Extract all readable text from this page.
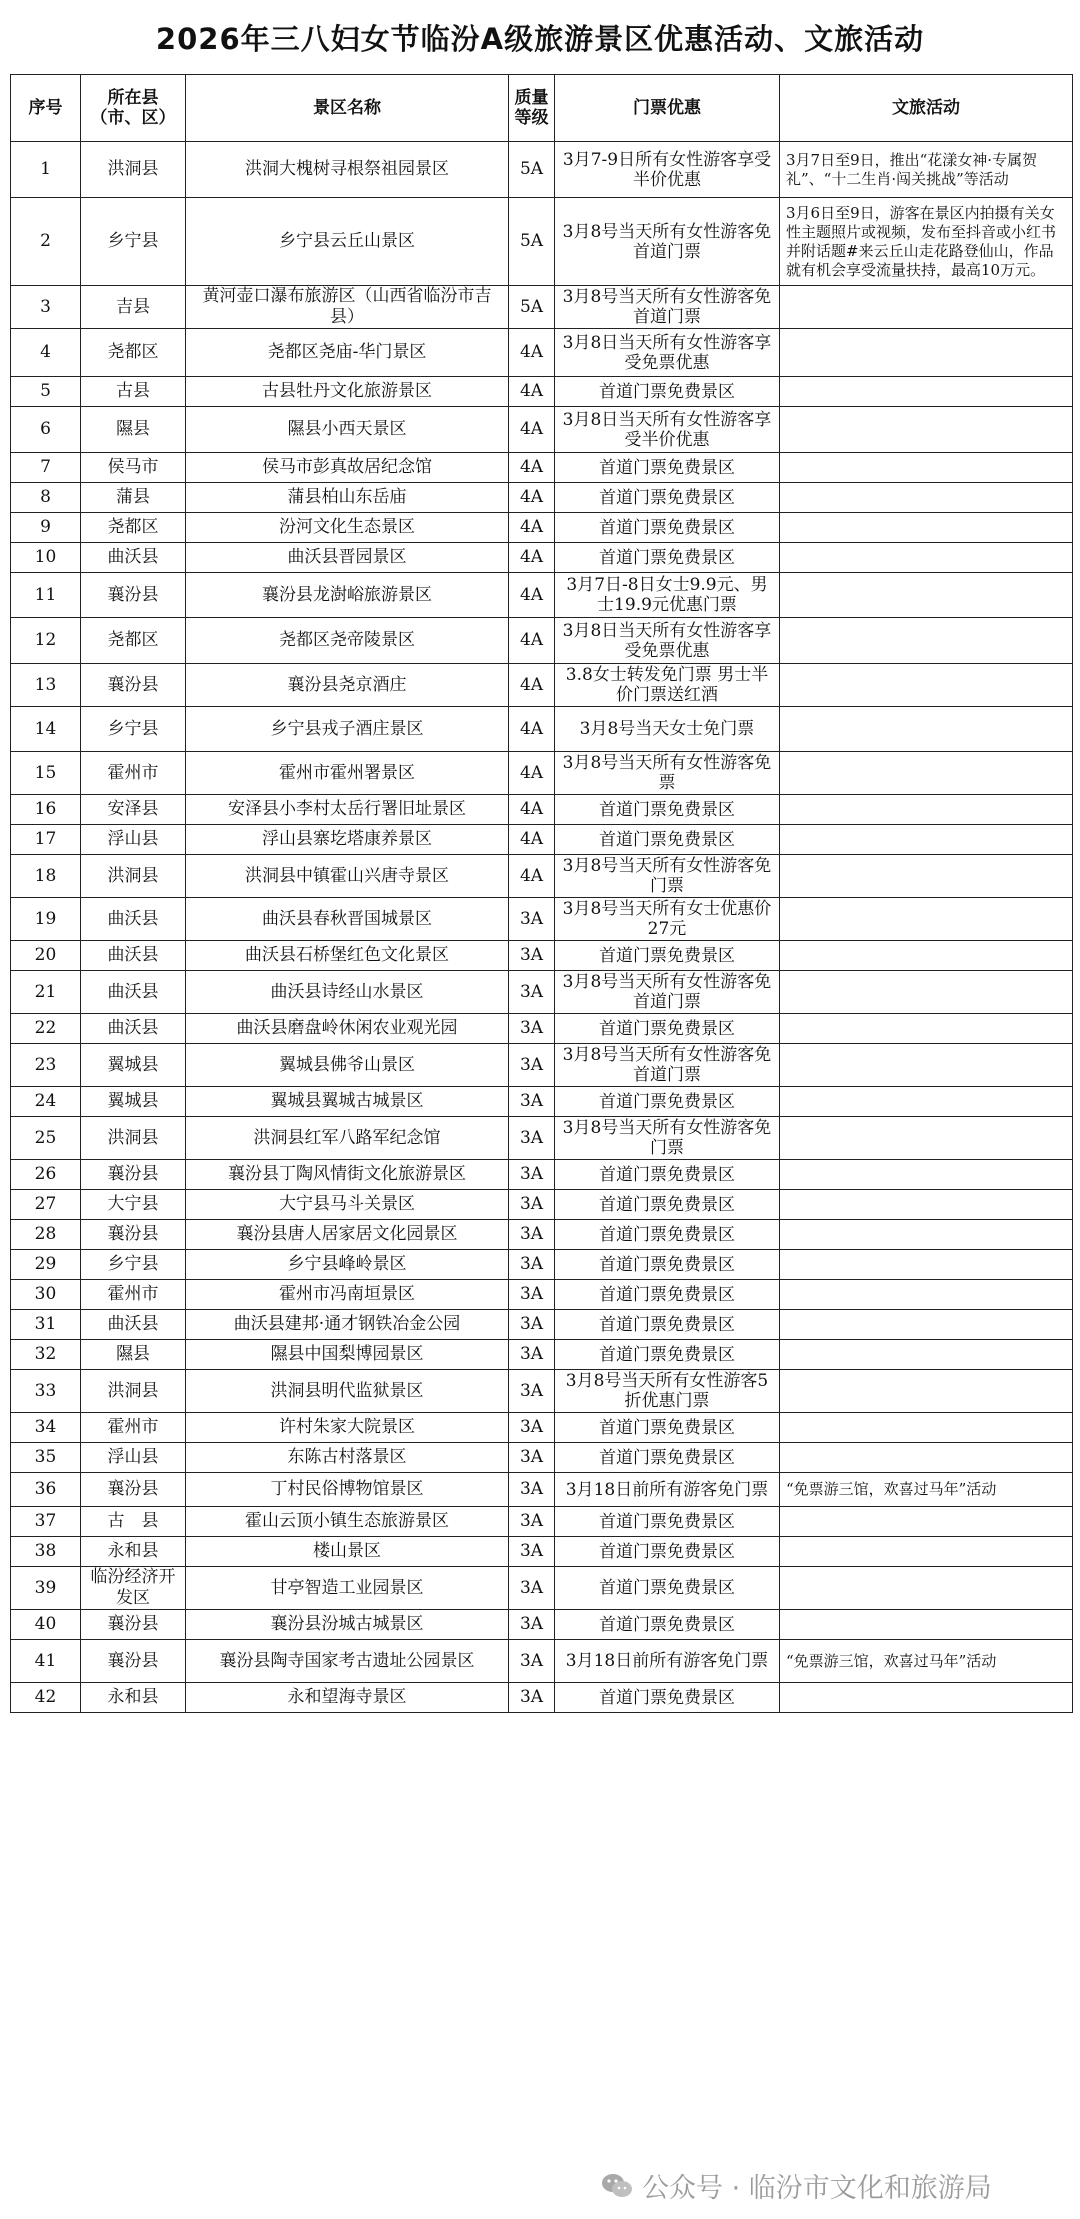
2026年三八妇女节临汾A级旅游景区优惠活动、文旅活动
序号	所在县（市、区）	景区名称	质量等级	门票优惠	文旅活动
1	洪洞县	洪洞大槐树寻根祭祖园景区	5A	3月7-9日所有女性游客享受半价优惠	3月7日至9日，推出“花漾女神·专属贺礼”、“十二生肖·闯关挑战”等活动
2	乡宁县	乡宁县云丘山景区	5A	3月8号当天所有女性游客免首道门票	3月6日至9日，游客在景区内拍摄有关女性主题照片或视频，发布至抖音或小红书并附话题#来云丘山走花路登仙山，作品就有机会享受流量扶持，最高10万元。
3	吉县	黄河壶口瀑布旅游区（山西省临汾市吉县）	5A	3月8号当天所有女性游客免首道门票	
4	尧都区	尧都区尧庙-华门景区	4A	3月8日当天所有女性游客享受免票优惠	
5	古县	古县牡丹文化旅游景区	4A	首道门票免费景区	
6	隰县	隰县小西天景区	4A	3月8日当天所有女性游客享受半价优惠	
7	侯马市	侯马市彭真故居纪念馆	4A	首道门票免费景区	
8	蒲县	蒲县柏山东岳庙	4A	首道门票免费景区	
9	尧都区	汾河文化生态景区	4A	首道门票免费景区	
10	曲沃县	曲沃县晋园景区	4A	首道门票免费景区	
11	襄汾县	襄汾县龙澍峪旅游景区	4A	3月7日-8日女士9.9元、男士19.9元优惠门票	
12	尧都区	尧都区尧帝陵景区	4A	3月8日当天所有女性游客享受免票优惠	
13	襄汾县	襄汾县尧京酒庄	4A	3.8女士转发免门票 男士半价门票送红酒	
14	乡宁县	乡宁县戎子酒庄景区	4A	3月8号当天女士免门票	
15	霍州市	霍州市霍州署景区	4A	3月8号当天所有女性游客免票	
16	安泽县	安泽县小李村太岳行署旧址景区	4A	首道门票免费景区	
17	浮山县	浮山县寨圪塔康养景区	4A	首道门票免费景区	
18	洪洞县	洪洞县中镇霍山兴唐寺景区	4A	3月8号当天所有女性游客免门票	
19	曲沃县	曲沃县春秋晋国城景区	3A	3月8号当天所有女士优惠价27元	
20	曲沃县	曲沃县石桥堡红色文化景区	3A	首道门票免费景区	
21	曲沃县	曲沃县诗经山水景区	3A	3月8号当天所有女性游客免首道门票	
22	曲沃县	曲沃县磨盘岭休闲农业观光园	3A	首道门票免费景区	
23	翼城县	翼城县佛爷山景区	3A	3月8号当天所有女性游客免首道门票	
24	翼城县	翼城县翼城古城景区	3A	首道门票免费景区	
25	洪洞县	洪洞县红军八路军纪念馆	3A	3月8号当天所有女性游客免门票	
26	襄汾县	襄汾县丁陶风情街文化旅游景区	3A	首道门票免费景区	
27	大宁县	大宁县马斗关景区	3A	首道门票免费景区	
28	襄汾县	襄汾县唐人居家居文化园景区	3A	首道门票免费景区	
29	乡宁县	乡宁县峰岭景区	3A	首道门票免费景区	
30	霍州市	霍州市冯南垣景区	3A	首道门票免费景区	
31	曲沃县	曲沃县建邦·通才钢铁冶金公园	3A	首道门票免费景区	
32	隰县	隰县中国梨博园景区	3A	首道门票免费景区	
33	洪洞县	洪洞县明代监狱景区	3A	3月8号当天所有女性游客5折优惠门票	
34	霍州市	许村朱家大院景区	3A	首道门票免费景区	
35	浮山县	东陈古村落景区	3A	首道门票免费景区	
36	襄汾县	丁村民俗博物馆景区	3A	3月18日前所有游客免门票	“免票游三馆，欢喜过马年”活动
37	古　县	霍山云顶小镇生态旅游景区	3A	首道门票免费景区	
38	永和县	楼山景区	3A	首道门票免费景区	
39	临汾经济开发区	甘亭智造工业园景区	3A	首道门票免费景区	
40	襄汾县	襄汾县汾城古城景区	3A	首道门票免费景区	
41	襄汾县	襄汾县陶寺国家考古遗址公园景区	3A	3月18日前所有游客免门票	“免票游三馆，欢喜过马年”活动
42	永和县	永和望海寺景区	3A	首道门票免费景区	
公众号 · 临汾市文化和旅游局
